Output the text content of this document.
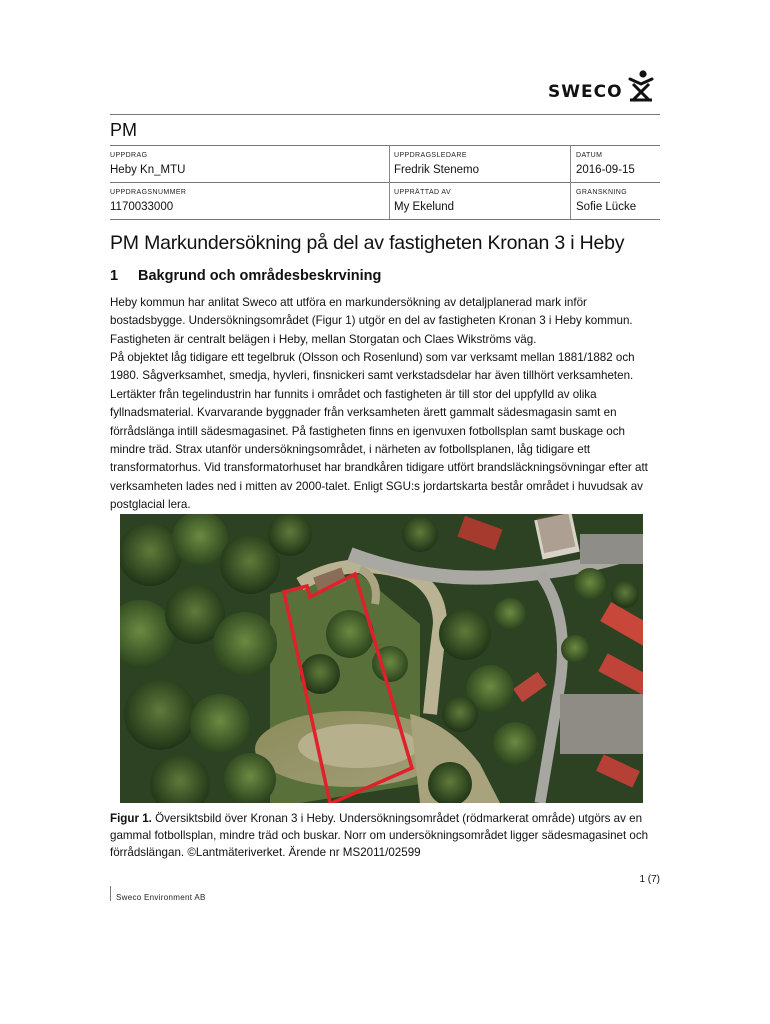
SWECO
PM
UPPDRAG
Heby Kn_MTU
UPPDRAGSLEDARE
Fredrik Stenemo
DATUM
2016-09-15
UPPDRAGSNUMMER
1170033000
UPPRÄTTAD AV
My Ekelund
GRANSKNING
Sofie Lücke
PM Markundersökning på del av fastigheten Kronan 3 i Heby
1 Bakgrund och områdesbeskrvining

Heby kommun har anlitat Sweco att utföra en markundersökning av detaljplanerad mark inför bostadsbygge. Undersökningsområdet (Figur 1) utgör en del av fastigheten Kronan 3 i Heby kommun. Fastigheten är centralt belägen i Heby, mellan Storgatan och Claes Wikströms väg.

På objektet låg tidigare ett tegelbruk (Olsson och Rosenlund) som var verksamt mellan 1881/1882 och 1980. Sågverksamhet, smedja, hyvleri, finsnickeri samt verkstadsdelar har även tillhört verksamheten. Lertäkter från tegelindustrin har funnits i området och fastigheten är till stor del uppfylld av olika fyllnadsmaterial. Kvarvarande byggnader från verksamheten ärett gammalt sädesmagasin samt en förrådslänga intill sädesmagasinet. På fastigheten finns en igenvuxen fotbollsplan samt buskage och mindre träd. Strax utanför undersökningsområdet, i närheten av fotbollsplanen, låg tidigare ett transformatorhus. Vid transformatorhuset har brandkåren tidigare utfört brandsläckningsövningar efter att verksamheten lades ned i mitten av 2000-talet. Enligt SGU:s jordartskarta består området i huvudsak av postglacial lera.

Figur 1. Översiktsbild över Kronan 3 i Heby. Undersökningsområdet (rödmarkerat område) utgörs av en gammal fotbollsplan, mindre träd och buskar. Norr om undersökningsområdet ligger sädesmagasinet och förrådslängan. ©Lantmäteriverket. Ärende nr MS2011/02599

1 (7)
Sweco Environment AB
